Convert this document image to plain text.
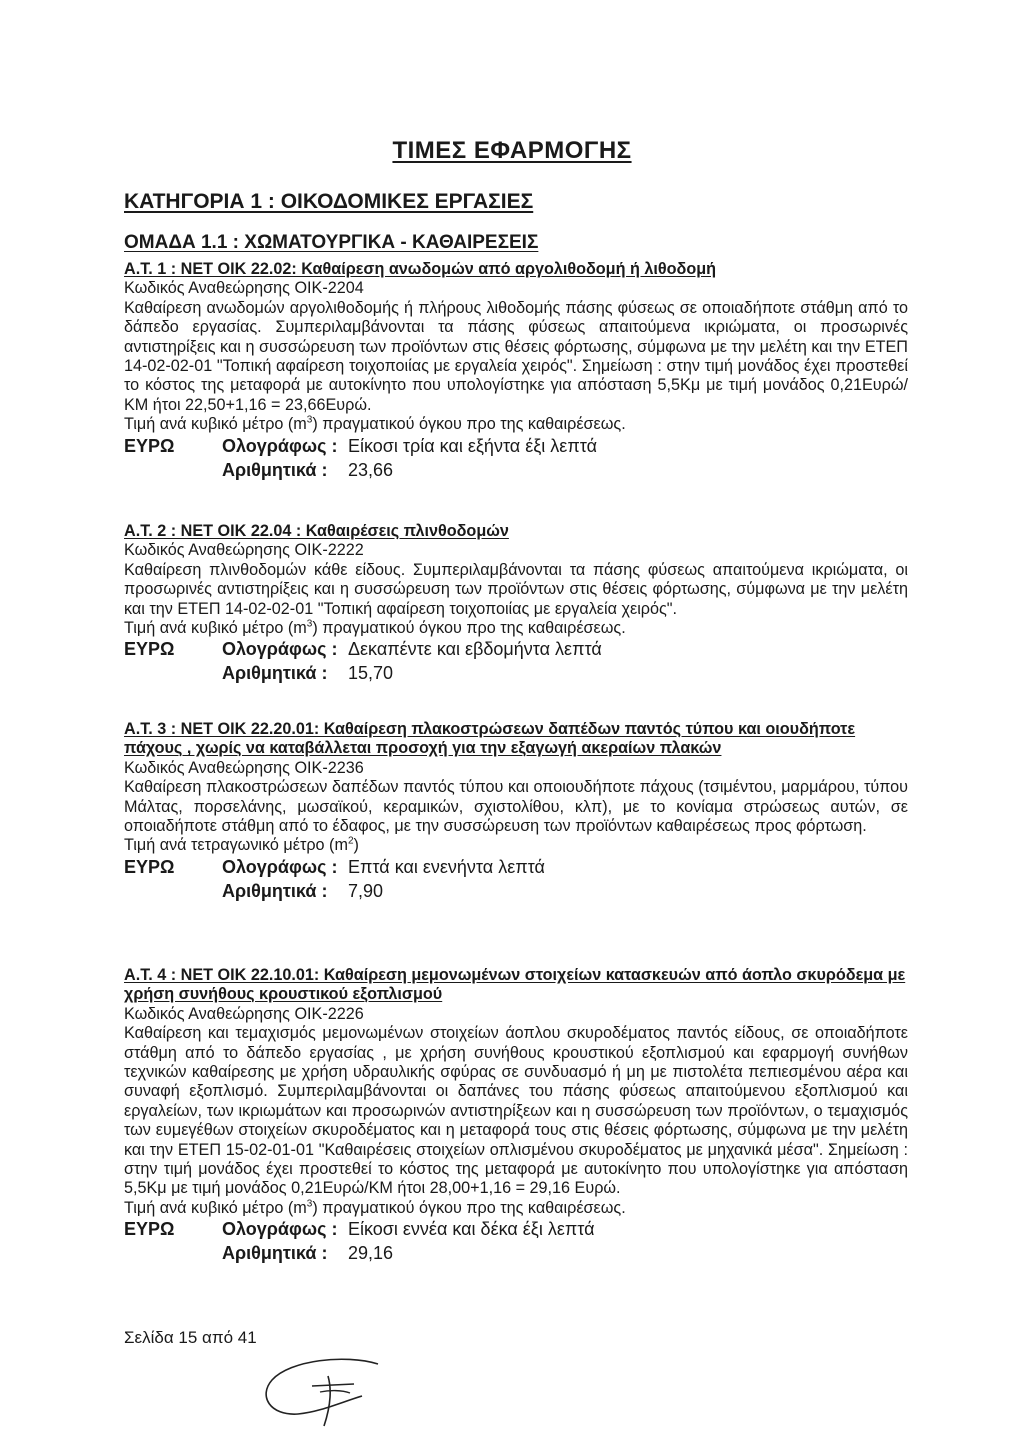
ΤΙΜΕΣ ΕΦΑΡΜΟΓΗΣ
ΚΑΤΗΓΟΡΙΑ 1 : ΟΙΚΟΔΟΜΙΚΕΣ ΕΡΓΑΣΙΕΣ
ΟΜΑΔΑ 1.1 : ΧΩΜΑΤΟΥΡΓΙΚΑ - ΚΑΘΑΙΡΕΣΕΙΣ

Α.Τ. 1 : ΝΕΤ ΟΙΚ 22.02: Καθαίρεση ανωδομών από αργολιθοδομή ή λιθοδομή

Κωδικός Αναθεώρησης ΟΙΚ-2204

Καθαίρεση ανωδομών αργολιθοδομής ή πλήρους λιθοδομής πάσης φύσεως σε οποιαδήποτε στάθμη από το δάπεδο εργασίας. Συμπεριλαμβάνονται τα πάσης φύσεως απαιτούμενα ικριώματα, οι προσωρινές αντιστηρίξεις και η συσσώρευση των προϊόντων στις θέσεις φόρτωσης, σύμφωνα με την μελέτη και την ΕΤΕΠ 14-02-02-01 "Τοπική αφαίρεση τοιχοποιίας με εργαλεία χειρός". Σημείωση : στην τιμή μονάδος έχει προστεθεί το κόστος της μεταφορά με αυτοκίνητο που υπολογίστηκε για απόσταση 5,5Κμ με τιμή μονάδος 0,21Ευρώ/ΚΜ ήτοι 22,50+1,16 = 23,66Ευρώ.

Τιμή ανά κυβικό μέτρο $(m^3)$ πραγματικού όγκου προ της καθαιρέσεως.

ΕΥΡΩ	Ολογράφως : Είκοσι τρία και εξήντα έξι λεπτά
Αριθμητικά : 23,66

Α.Τ. 2 : ΝΕΤ ΟΙΚ 22.04 : Καθαιρέσεις πλινθοδομών

Κωδικός Αναθεώρησης ΟΙΚ-2222

Καθαίρεση πλινθοδομών κάθε είδους. Συμπεριλαμβάνονται τα πάσης φύσεως απαιτούμενα ικριώματα, οι προσωρινές αντιστηρίξεις και η συσσώρευση των προϊόντων στις θέσεις φόρτωσης, σύμφωνα με την μελέτη και την ΕΤΕΠ 14-02-02-01 "Τοπική αφαίρεση τοιχοποιίας με εργαλεία χειρός".

Τιμή ανά κυβικό μέτρο $(m^3)$ πραγματικού όγκου προ της καθαιρέσεως.

ΕΥΡΩ	Ολογράφως : Δεκαπέντε και εβδομήντα λεπτά
Αριθμητικά : 15,70

Α.Τ. 3 : ΝΕΤ ΟΙΚ 22.20.01: Καθαίρεση πλακοστρώσεων δαπέδων παντός τύπου και οιουδήποτε πάχους , χωρίς να καταβάλλεται προσοχή για την εξαγωγή ακεραίων πλακών

Κωδικός Αναθεώρησης ΟΙΚ-2236

Καθαίρεση πλακοστρώσεων δαπέδων παντός τύπου και οποιουδήποτε πάχους (τσιμέντου, μαρμάρου, τύπου Μάλτας, πορσελάνης, μωσαϊκού, κεραμικών, σχιστολίθου, κλπ), με το κονίαμα στρώσεως αυτών, σε οποιαδήποτε στάθμη από το έδαφος, με την συσσώρευση των προϊόντων καθαιρέσεως προς φόρτωση.

Τιμή ανά τετραγωνικό μέτρο $(m^2)$

ΕΥΡΩ	Ολογράφως : Επτά και ενενήντα λεπτά
Αριθμητικά : 7,90

Α.Τ. 4 : ΝΕΤ ΟΙΚ 22.10.01: Καθαίρεση μεμονωμένων στοιχείων κατασκευών από άοπλο σκυρόδεμα με χρήση συνήθους κρουστικού εξοπλισμού

Κωδικός Αναθεώρησης ΟΙΚ-2226

Καθαίρεση και τεμαχισμός μεμονωμένων στοιχείων άοπλου σκυροδέματος παντός είδους, σε οποιαδήποτε στάθμη από το δάπεδο εργασίας , με χρήση συνήθους κρουστικού εξοπλισμού και εφαρμογή συνήθων τεχνικών καθαίρεσης με χρήση υδραυλικής σφύρας σε συνδυασμό ή μη με πιστολέτα πεπιεσμένου αέρα και συναφή εξοπλισμό. Συμπεριλαμβάνονται οι δαπάνες του πάσης φύσεως απαιτούμενου εξοπλισμού και εργαλείων, των ικριωμάτων και προσωρινών αντιστηρίξεων και η συσσώρευση των προϊόντων, ο τεμαχισμός των ευμεγέθων στοιχείων σκυροδέματος και η μεταφορά τους στις θέσεις φόρτωσης, σύμφωνα με την μελέτη και την ΕΤΕΠ 15-02-01-01 "Καθαιρέσεις στοιχείων οπλισμένου σκυροδέματος με μηχανικά μέσα". Σημείωση : στην τιμή μονάδος έχει προστεθεί το κόστος της μεταφορά με αυτοκίνητο που υπολογίστηκε για απόσταση 5,5Κμ με τιμή μονάδος 0,21Ευρώ/ΚΜ ήτοι 28,00+1,16 = 29,16 Ευρώ.

Τιμή ανά κυβικό μέτρο $(m^3)$ πραγματικού όγκου προ της καθαιρέσεως.

ΕΥΡΩ	Ολογράφως : Είκοσι εννέα και δέκα έξι λεπτά
Αριθμητικά : 29,16
Σελίδα 15 από 41
